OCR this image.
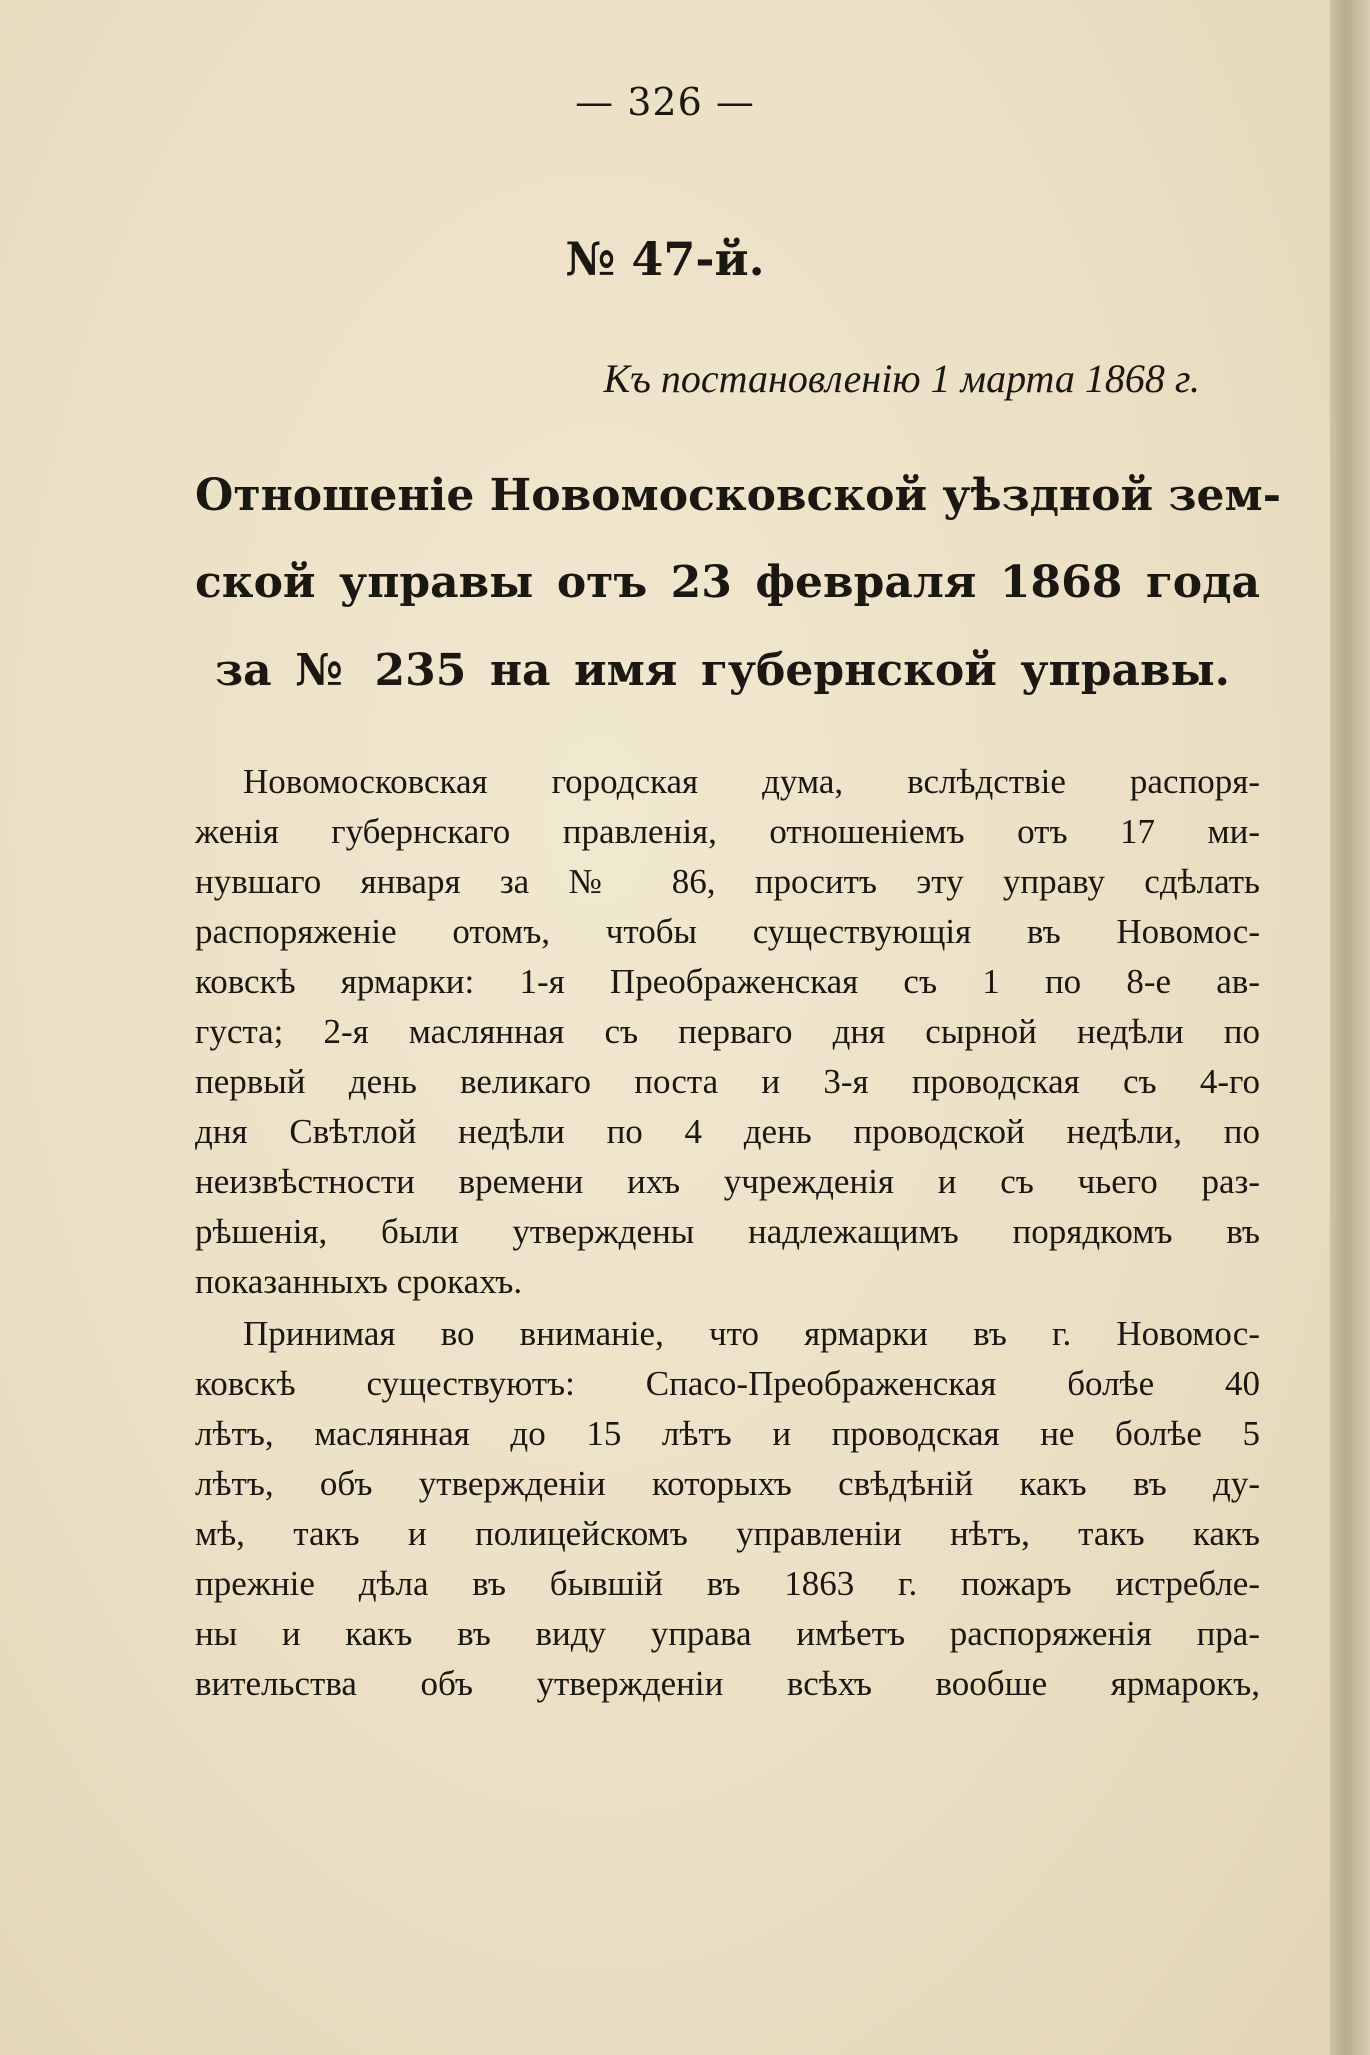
— 326 —
№ 47-й.
Къ постановленію 1 марта 1868 г.
Отношеніе Новомосковской уѣздной зем-
ской управы отъ 23 февраля 1868 года
за № 235 на имя губернской управы.
Новомосковская городская дума, вслѣдствіе распоря-
женія губернскаго правленія, отношеніемъ отъ 17 ми-
нувшаго января за № 86, проситъ эту управу сдѣлать
распоряженіе отомъ, чтобы существующія въ Новомос-
ковскѣ ярмарки: 1-я Преображенская съ 1 по 8-е ав-
густа; 2-я маслянная съ перваго дня сырной недѣли по
первый день великаго поста и 3-я проводская съ 4-го
дня Свѣтлой недѣли по 4 день проводской недѣли, по
неизвѣстности времени ихъ учрежденія и съ чьего раз-
рѣшенія, были утверждены надлежащимъ порядкомъ въ
показанныхъ срокахъ.
Принимая во вниманіе, что ярмарки въ г. Новомос-
ковскѣ существуютъ: Спасо-Преображенская болѣе 40
лѣтъ, маслянная до 15 лѣтъ и проводская не болѣе 5
лѣтъ, объ утвержденіи которыхъ свѣдѣній какъ въ ду-
мѣ, такъ и полицейскомъ управленіи нѣтъ, такъ какъ
прежніе дѣла въ бывшій въ 1863 г. пожаръ истребле-
ны и какъ въ виду управа имѣетъ распоряженія пра-
вительства объ утвержденіи всѣхъ вообше ярмарокъ,
